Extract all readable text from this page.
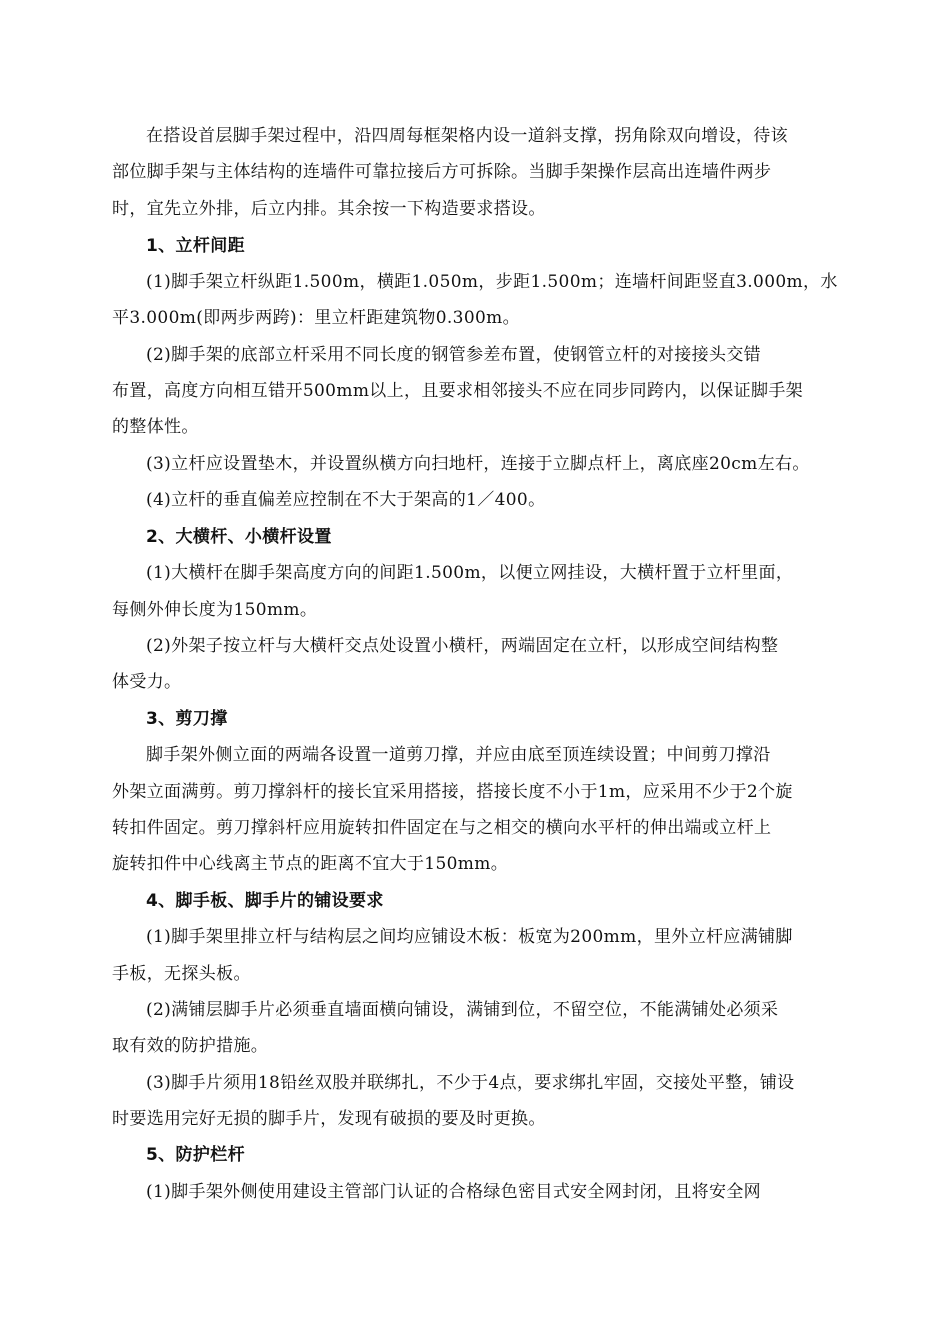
在搭设首层脚手架过程中，沿四周每框架格内设一道斜支撑，拐角除双向增设，待该

部位脚手架与主体结构的连墙件可靠拉接后方可拆除。当脚手架操作层高出连墙件两步

时，宜先立外排，后立内排。其余按一下构造要求搭设。

1、立杆间距

(1)脚手架立杆纵距1.500m，横距1.050m，步距1.500m；连墙杆间距竖直3.000m，水

平3.000m(即两步两跨)：里立杆距建筑物0.300m。

(2)脚手架的底部立杆采用不同长度的钢管参差布置，使钢管立杆的对接接头交错

布置，高度方向相互错开500mm以上，且要求相邻接头不应在同步同跨内，以保证脚手架

的整体性。

(3)立杆应设置垫木，并设置纵横方向扫地杆，连接于立脚点杆上，离底座20cm左右。

(4)立杆的垂直偏差应控制在不大于架高的1／400。

2、大横杆、小横杆设置

(1)大横杆在脚手架高度方向的间距1.500m，以便立网挂设，大横杆置于立杆里面，

每侧外伸长度为150mm。

(2)外架子按立杆与大横杆交点处设置小横杆，两端固定在立杆，以形成空间结构整

体受力。

3、剪刀撑

脚手架外侧立面的两端各设置一道剪刀撑，并应由底至顶连续设置；中间剪刀撑沿

外架立面满剪。剪刀撑斜杆的接长宜采用搭接，搭接长度不小于1m，应采用不少于2个旋

转扣件固定。剪刀撑斜杆应用旋转扣件固定在与之相交的横向水平杆的伸出端或立杆上

旋转扣件中心线离主节点的距离不宜大于150mm。

4、脚手板、脚手片的铺设要求

(1)脚手架里排立杆与结构层之间均应铺设木板：板宽为200mm，里外立杆应满铺脚

手板，无探头板。

(2)满铺层脚手片必须垂直墙面横向铺设，满铺到位，不留空位，不能满铺处必须采

取有效的防护措施。

(3)脚手片须用18铅丝双股并联绑扎，不少于4点，要求绑扎牢固，交接处平整，铺设

时要选用完好无损的脚手片，发现有破损的要及时更换。

5、防护栏杆

(1)脚手架外侧使用建设主管部门认证的合格绿色密目式安全网封闭，且将安全网
